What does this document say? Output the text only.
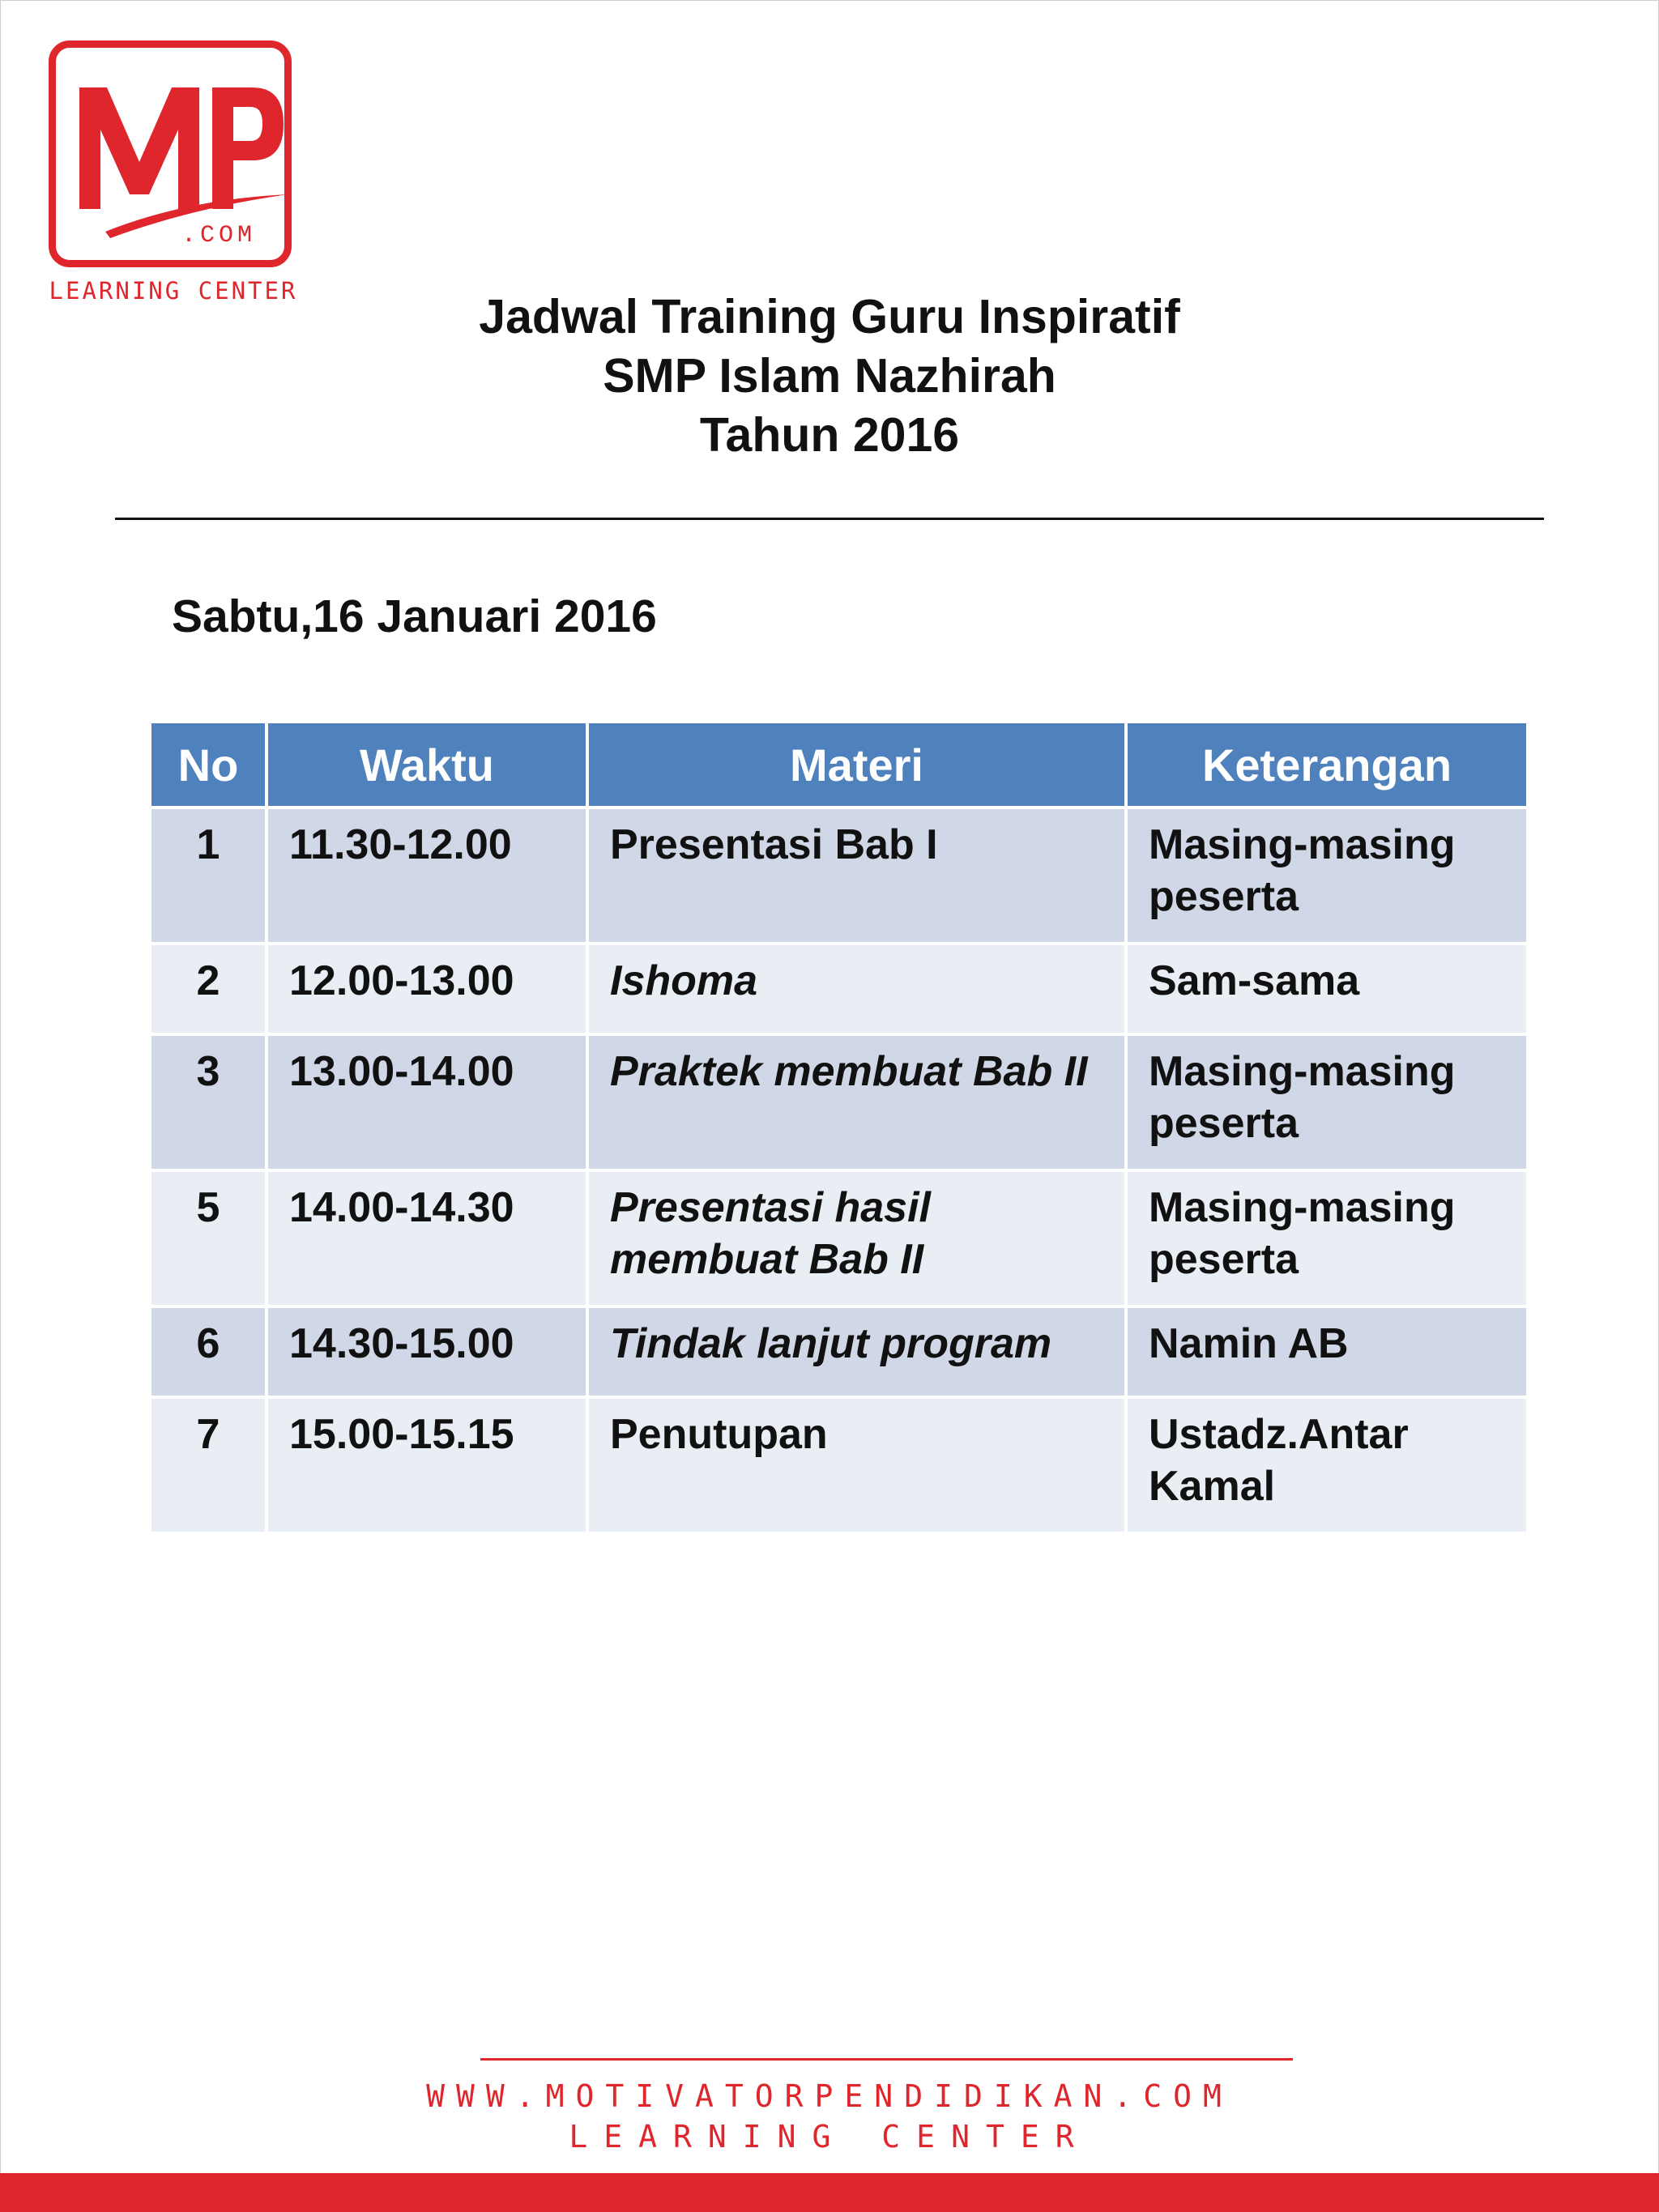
.COM
LEARNING CENTER	Jadwal Training Guru Inspiratif
SMP Islam Nazhirah
Tahun 2016
Sabtu,16 Januari 2016
No	Waktu	Materi	Keterangan
1	11.30-12.00	Presentasi Bab I	Masing-masing peserta
2	12.00-13.00	Ishoma	Sam-sama
3	13.00-14.00	Praktek membuat Bab II	Masing-masing peserta
5	14.00-14.30	Presentasi hasil membuat Bab II	Masing-masing peserta
6	14.30-15.00	Tindak lanjut program	Namin AB
7	15.00-15.15	Penutupan	Ustadz.Antar Kamal
WWW.MOTIVATORPENDIDIKAN.COM
LEARNING CENTER
